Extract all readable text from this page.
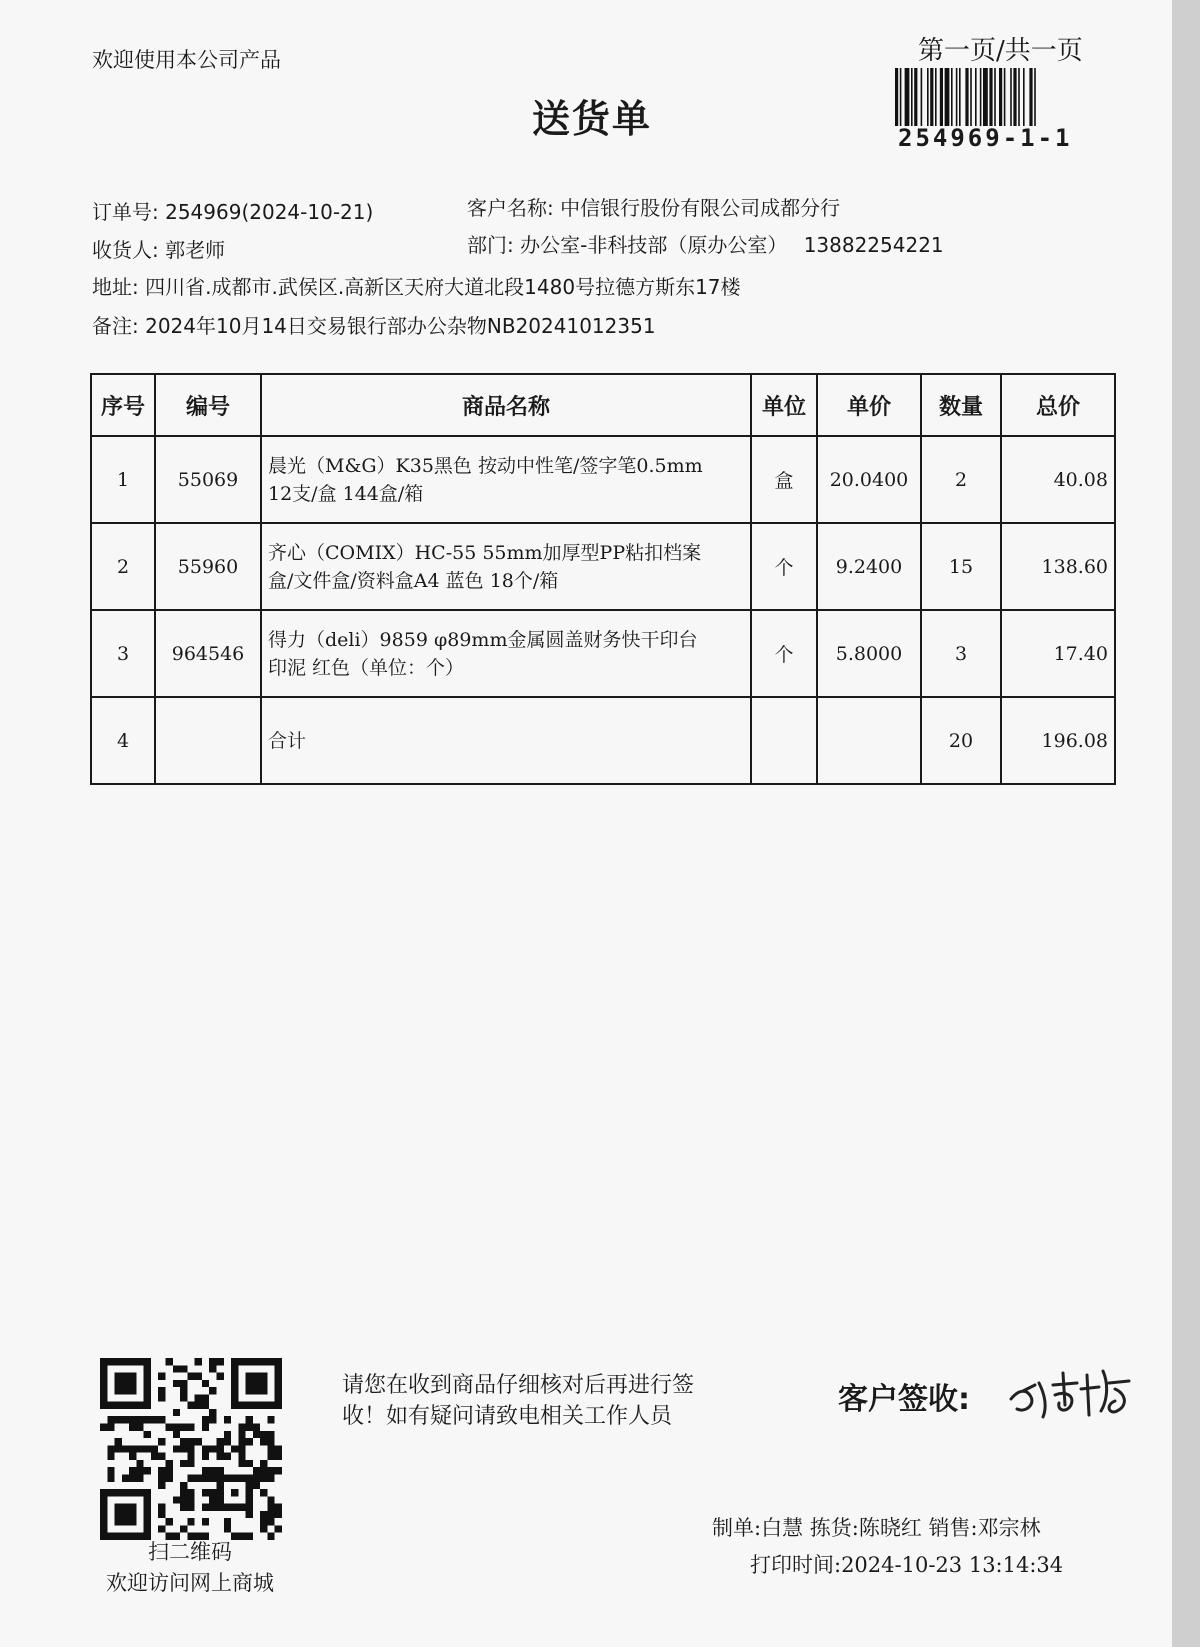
欢迎使用本公司产品
送货单
第一页/共一页
254969-1-1
订单号: 254969(2024-10-21)	客户名称: 中信银行股份有限公司成都分行
收货人: 郭老师	部门: 办公室-非科技部（原办公室） 13882254221
地址: 四川省.成都市.武侯区.高新区天府大道北段1480号拉德方斯东17楼
备注: 2024年10月14日交易银行部办公杂物NB20241012351
序号	编号	商品名称	单位	单价	数量	总价
1	55069	晨光（M&G）K35黑色 按动中性笔/签字笔0.5mm
12支/盒 144盒/箱	盒	20.0400	2	40.08
2	55960	齐心（COMIX）HC-55 55mm加厚型PP粘扣档案
盒/文件盒/资料盒A4 蓝色 18个/箱	个	9.2400	15	138.60
3	964546	得力（deli）9859 φ89mm金属圆盖财务快干印台
印泥 红色（单位：个）	个	5.8000	3	17.40
4		合计			20	196.08
扫二维码
欢迎访问网上商城
请您在收到商品仔细核对后再进行签
收！如有疑问请致电相关工作人员	客户签收:
制单:白慧 拣货:陈晓红 销售:邓宗林
打印时间:2024-10-23 13:14:34
